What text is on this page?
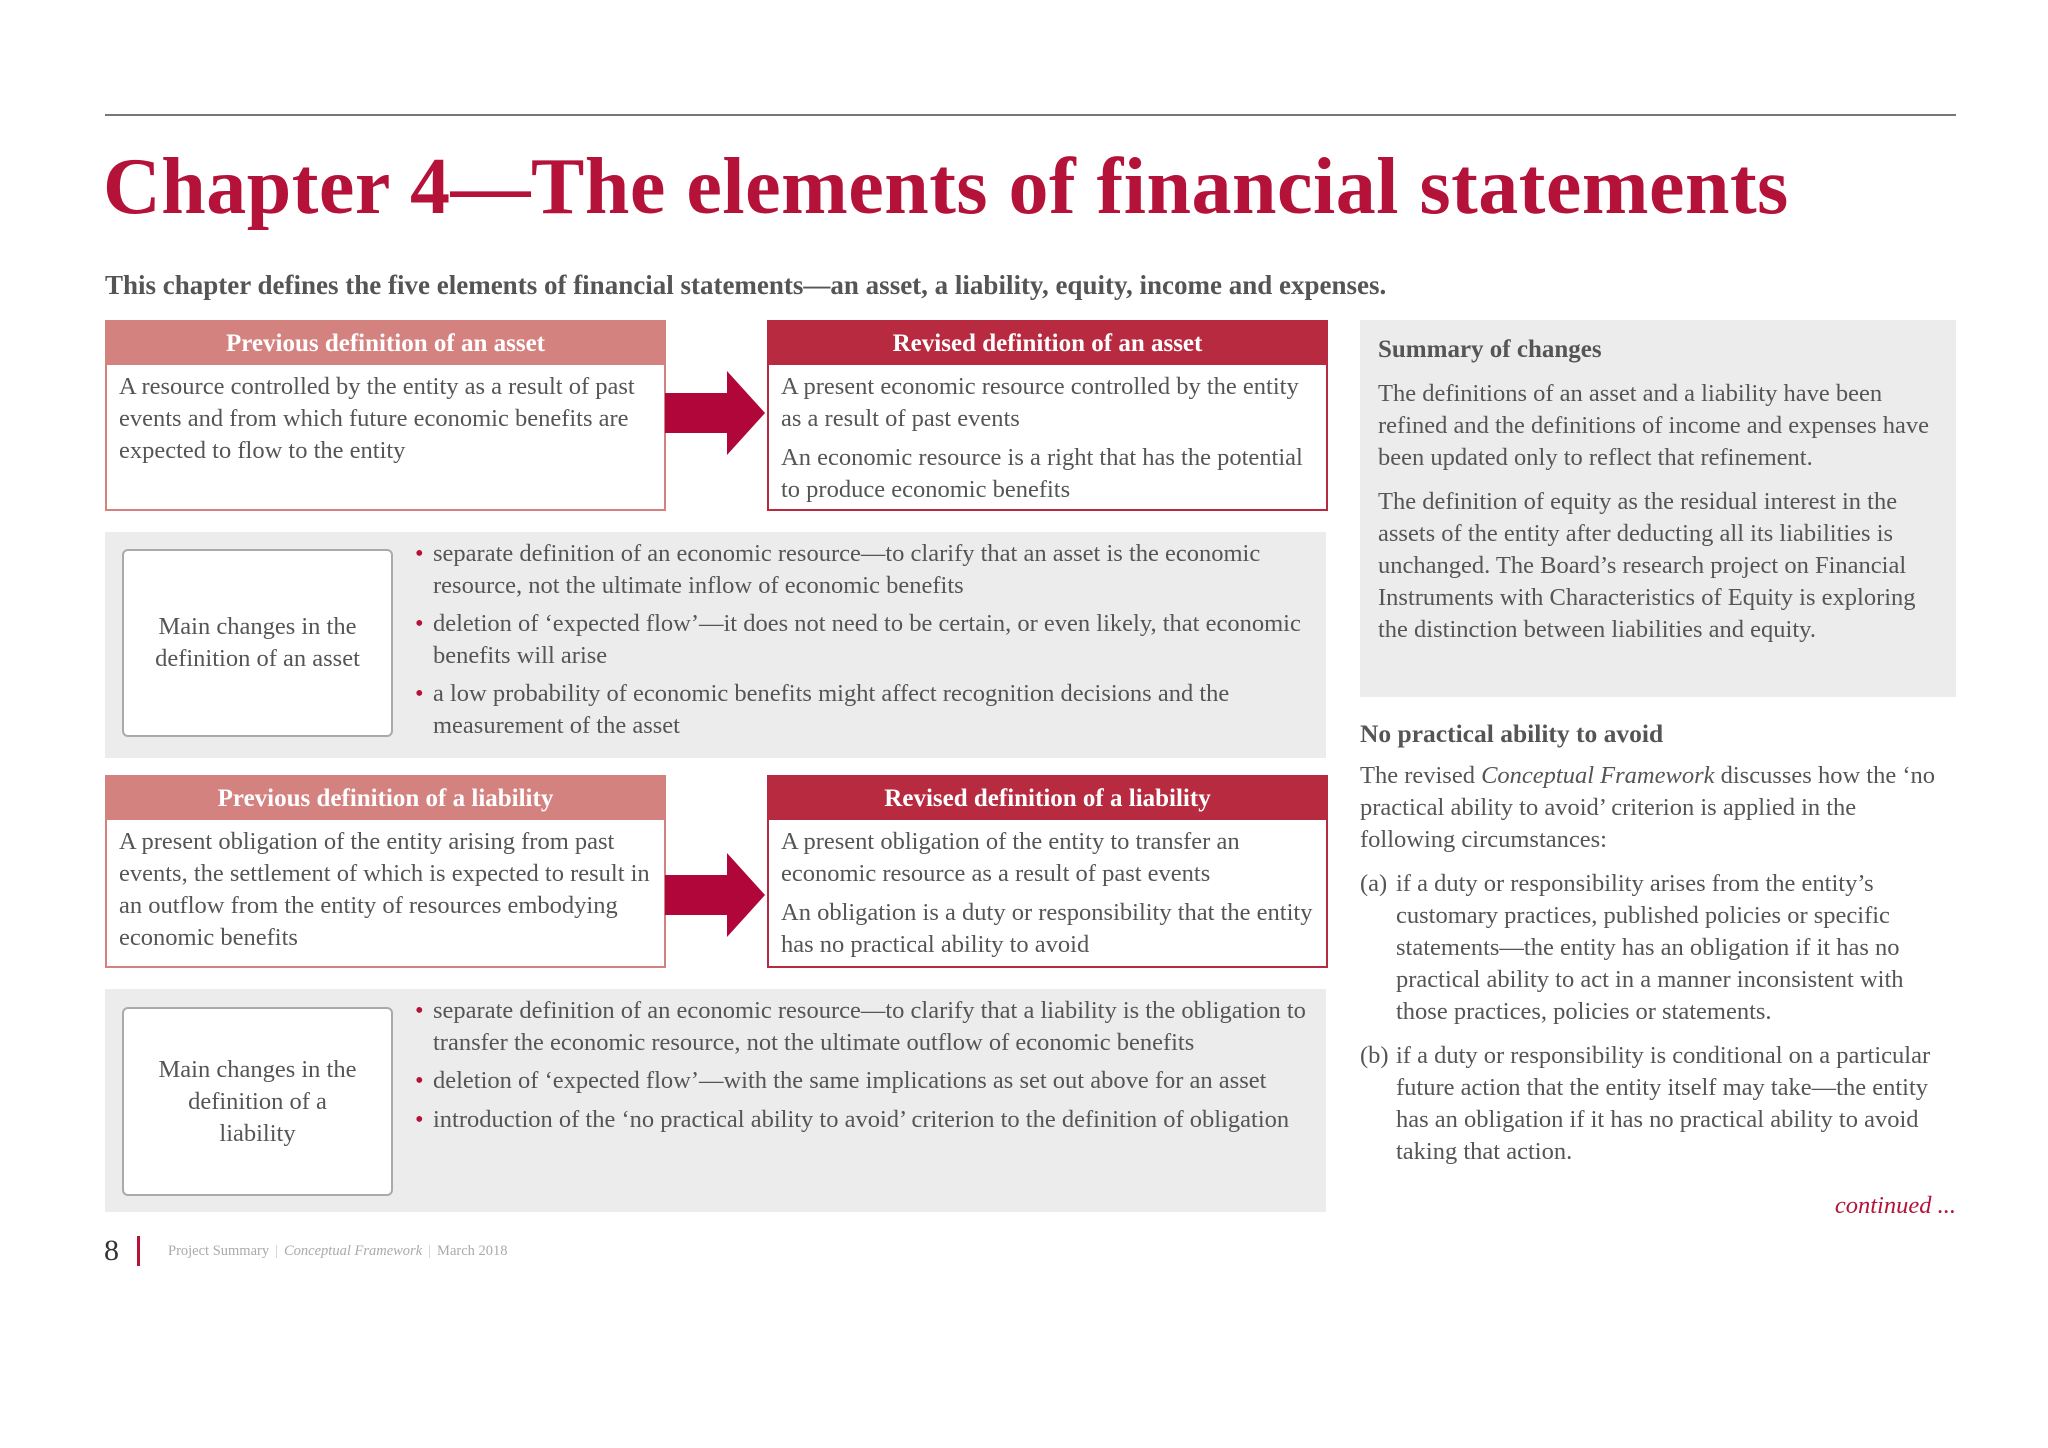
Chapter 4—The elements of financial statements
This chapter defines the five elements of financial statements—an asset, a liability, equity, income and expenses.
Previous definition of an asset

A resource controlled by the entity as a result of past events and from which future economic benefits are expected to flow to the entity

Revised definition of an asset

A present economic resource controlled by the entity as a result of past events

An economic resource is a right that has the potential to produce economic benefits

Main changes in the definition of an asset
• separate definition of an economic resource—to clarify that an asset is the economic resource, not the ultimate inflow of economic benefits
• deletion of ‘expected flow’—it does not need to be certain, or even likely, that economic benefits will arise
• a low probability of economic benefits might affect recognition decisions and the measurement of the asset
Previous definition of a liability

A present obligation of the entity arising from past events, the settlement of which is expected to result in an outflow from the entity of resources embodying economic benefits

Revised definition of a liability

A present obligation of the entity to transfer an economic resource as a result of past events

An obligation is a duty or responsibility that the entity has no practical ability to avoid

Main changes in the definition of a liability
• separate definition of an economic resource—to clarify that a liability is the obligation to transfer the economic resource, not the ultimate outflow of economic benefits
• deletion of ‘expected flow’—with the same implications as set out above for an asset
• introduction of the ‘no practical ability to avoid’ criterion to the definition of obligation
Summary of changes

The definitions of an asset and a liability have been refined and the definitions of income and expenses have been updated only to reflect that refinement.

The definition of equity as the residual interest in the assets of the entity after deducting all its liabilities is unchanged. The Board’s research project on Financial Instruments with Characteristics of Equity is exploring the distinction between liabilities and equity.

No practical ability to avoid

The revised Conceptual Framework discusses how the ‘no practical ability to avoid’ criterion is applied in the following circumstances:

(a) if a duty or responsibility arises from the entity’s customary practices, published policies or specific statements—the entity has an obligation if it has no practical ability to act in a manner inconsistent with those practices, policies or statements.
(b) if a duty or responsibility is conditional on a particular future action that the entity itself may take—the entity has an obligation if it has no practical ability to avoid taking that action.
continued ...
8	Project Summary | Conceptual Framework | March 2018
